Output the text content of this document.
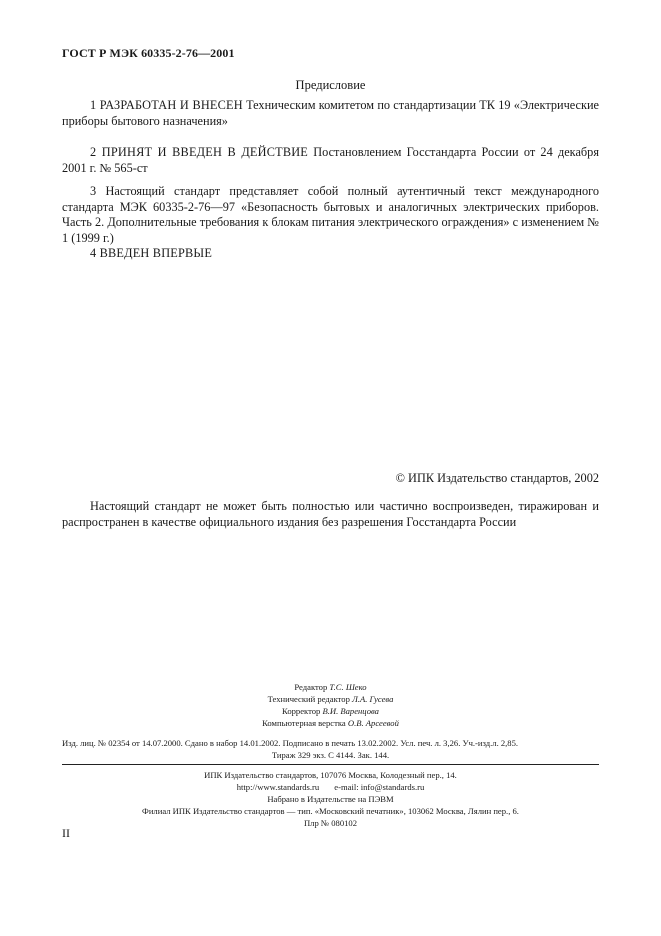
ГОСТ Р МЭК 60335-2-76—2001
Предисловие
1 РАЗРАБОТАН И ВНЕСЕН Техническим комитетом по стандартизации ТК 19 «Электрические приборы бытового назначения»
2 ПРИНЯТ И ВВЕДЕН В ДЕЙСТВИЕ Постановлением Госстандарта России от 24 декабря 2001 г. № 565-ст
3 Настоящий стандарт представляет собой полный аутентичный текст международного стандарта МЭК 60335-2-76—97 «Безопасность бытовых и аналогичных электрических приборов. Часть 2. Дополнительные требования к блокам питания электрического ограждения» с изменением № 1 (1999 г.)
4 ВВЕДЕН ВПЕРВЫЕ
© ИПК Издательство стандартов, 2002
Настоящий стандарт не может быть полностью или частично воспроизведен, тиражирован и распространен в качестве официального издания без разрешения Госстандарта России
Редактор Т.С. Шеко
Технический редактор Л.А. Гусева
Корректор В.И. Варенцова
Компьютерная верстка О.В. Арсеевой
Изд. лиц. № 02354 от 14.07.2000. Сдано в набор 14.01.2002. Подписано в печать 13.02.2002. Усл. печ. л. 3,26. Уч.-изд.л. 2,85.
Тираж 329 экз. С 4144. Зак. 144.
ИПК Издательство стандартов, 107076 Москва, Колодезный пер., 14.
http://www.standards.ru e-mail: info@standards.ru
Набрано в Издательстве на ПЭВМ
Филиал ИПК Издательство стандартов — тип. «Московский печатник», 103062 Москва, Лялин пер., 6.
Плр № 080102
II
